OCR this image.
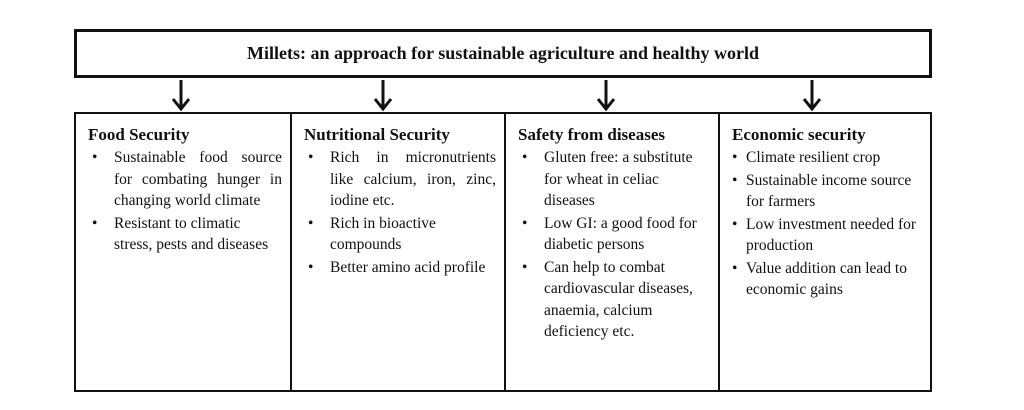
Millets: an approach for sustainable agriculture and healthy world
Food Security
• Sustainable food source for combating hunger in changing world climate
• Resistant to climatic stress, pests and diseases
Nutritional Security
• Rich in micronutrients like calcium, iron, zinc, iodine etc.
• Rich in bioactive compounds
• Better amino acid profile
Safety from diseases
• Gluten free: a substitute for wheat in celiac diseases
• Low GI: a good food for diabetic persons
• Can help to combat cardiovascular diseases, anaemia, calcium deficiency etc.
Economic security
• Climate resilient crop
• Sustainable income source for farmers
• Low investment needed for production
• Value addition can lead to economic gains
